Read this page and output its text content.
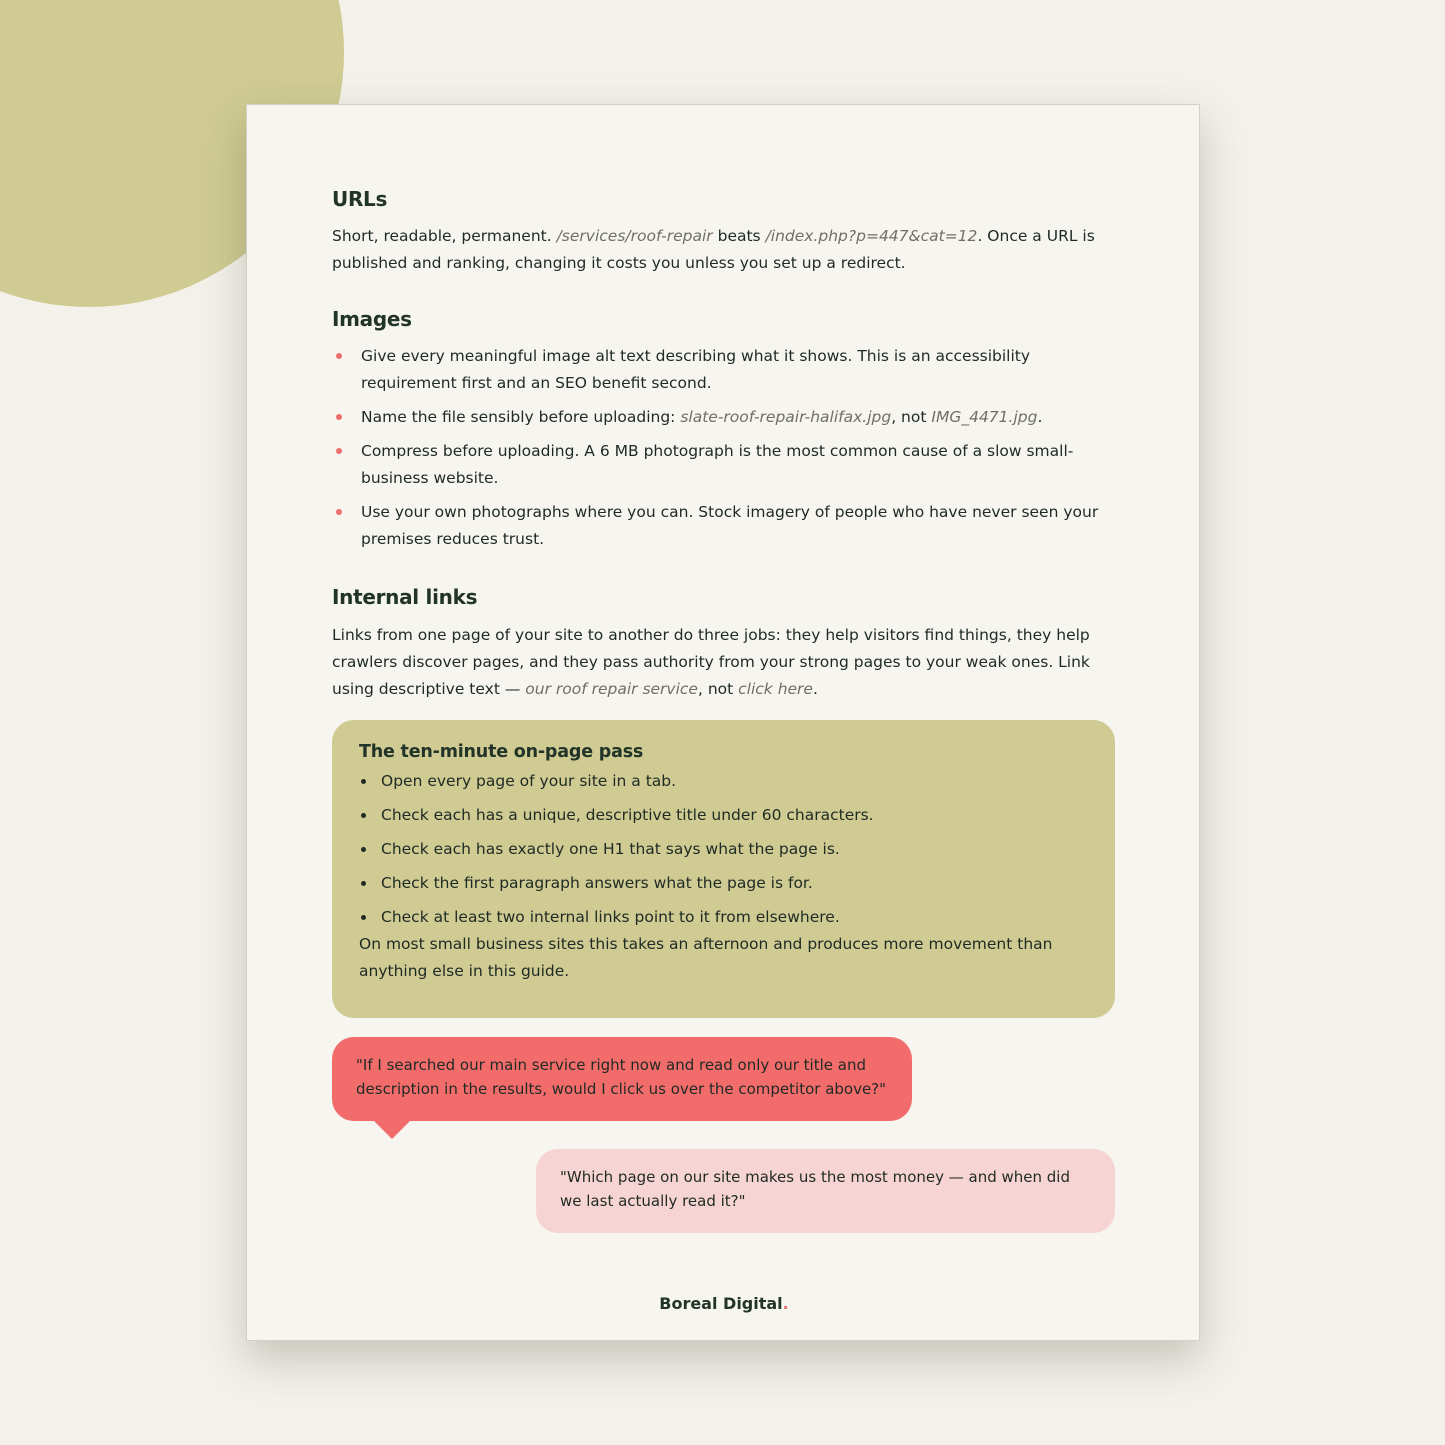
URLs

Short, readable, permanent. /services/roof-repair beats /index.php?p=447&cat=12. Once a URL is published and ranking, changing it costs you unless you set up a redirect.

Images
Give every meaningful image alt text describing what it shows. This is an accessibility requirement first and an SEO benefit second.
Name the file sensibly before uploading: slate-roof-repair-halifax.jpg, not IMG_4471.jpg.
Compress before uploading. A 6 MB photograph is the most common cause of a slow small-business website.
Use your own photographs where you can. Stock imagery of people who have never seen your premises reduces trust.
Internal links

Links from one page of your site to another do three jobs: they help visitors find things, they help crawlers discover pages, and they pass authority from your strong pages to your weak ones. Link using descriptive text — our roof repair service, not click here.

The ten-minute on-page pass
Open every page of your site in a tab.
Check each has a unique, descriptive title under 60 characters.
Check each has exactly one H1 that says what the page is.
Check the first paragraph answers what the page is for.
Check at least two internal links point to it from elsewhere.

On most small business sites this takes an afternoon and produces more movement than anything else in this guide.

"If I searched our main service right now and read only our title and description in the results, would I click us over the competitor above?"

"Which page on our site makes us the most money — and when did we last actually read it?"

Boreal Digital.
